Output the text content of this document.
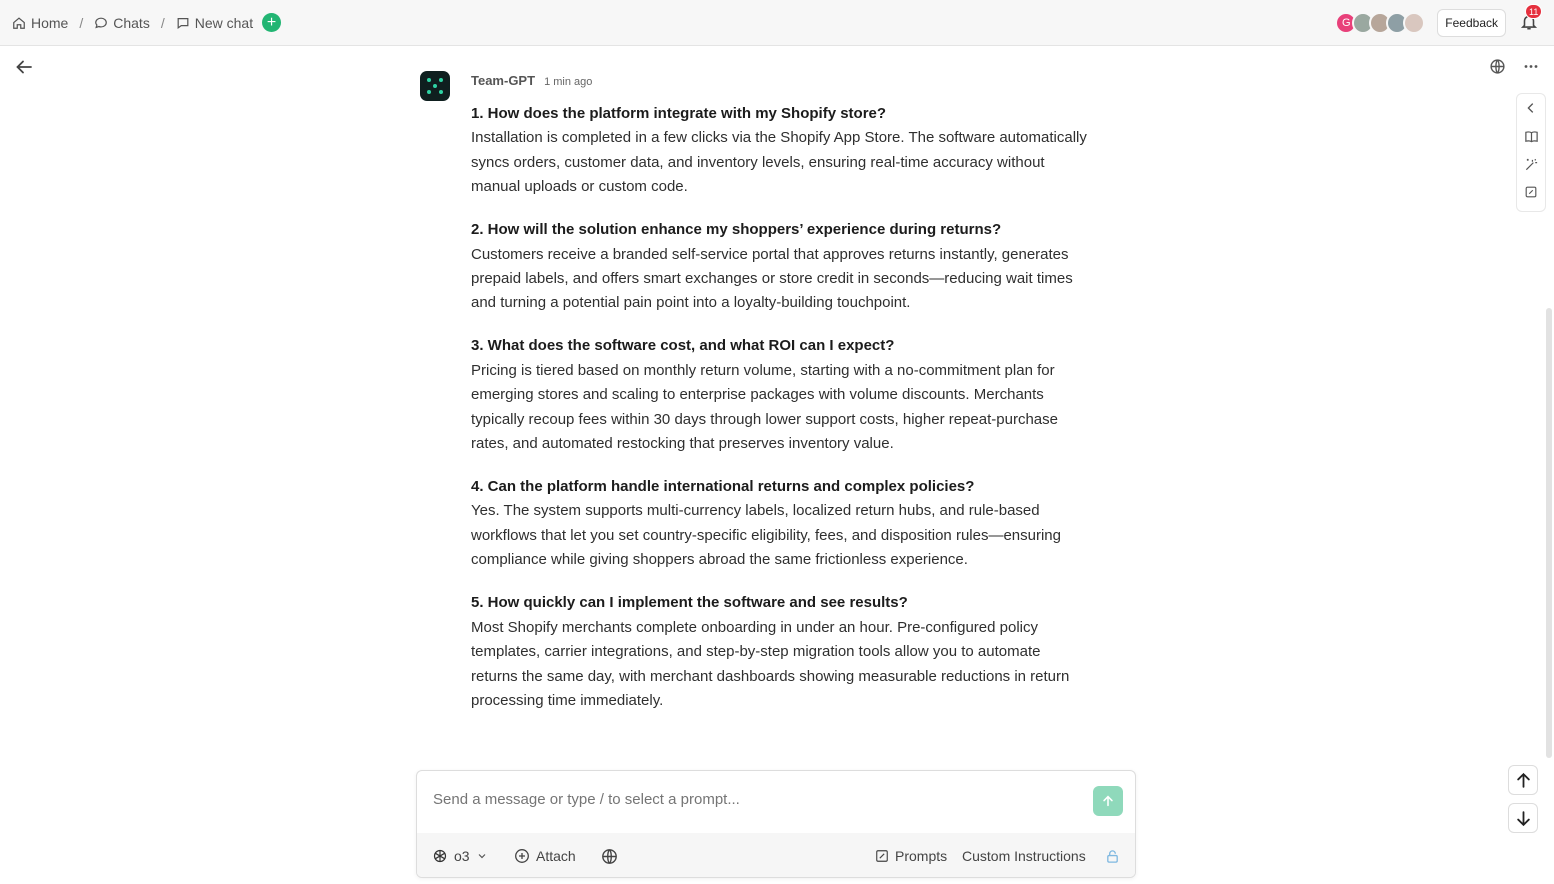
Home / Chats / New chat +	G	Feedback
11
Team-GPT 1 min ago
1. How does the platform integrate with my Shopify store?
Installation is completed in a few clicks via the Shopify App Store. The software automatically syncs orders, customer data, and inventory levels, ensuring real-time accuracy without manual uploads or custom code.
2. How will the solution enhance my shoppers’ experience during returns?
Customers receive a branded self-service portal that approves returns instantly, generates prepaid labels, and offers smart exchanges or store credit in seconds—reducing wait times and turning a potential pain point into a loyalty-building touchpoint.
3. What does the software cost, and what ROI can I expect?
Pricing is tiered based on monthly return volume, starting with a no-commitment plan for emerging stores and scaling to enterprise packages with volume discounts. Merchants typically recoup fees within 30 days through lower support costs, higher repeat-purchase rates, and automated restocking that preserves inventory value.
4. Can the platform handle international returns and complex policies?
Yes. The system supports multi-currency labels, localized return hubs, and rule-based workflows that let you set country-specific eligibility, fees, and disposition rules—ensuring compliance while giving shoppers abroad the same frictionless experience.
5. How quickly can I implement the software and see results?
Most Shopify merchants complete onboarding in under an hour. Pre-configured policy templates, carrier integrations, and step-by-step migration tools allow you to automate returns the same day, with merchant dashboards showing measurable reductions in return processing time immediately.
Send a message or type / to select a prompt...
o3	Attach	Prompts Custom Instructions
